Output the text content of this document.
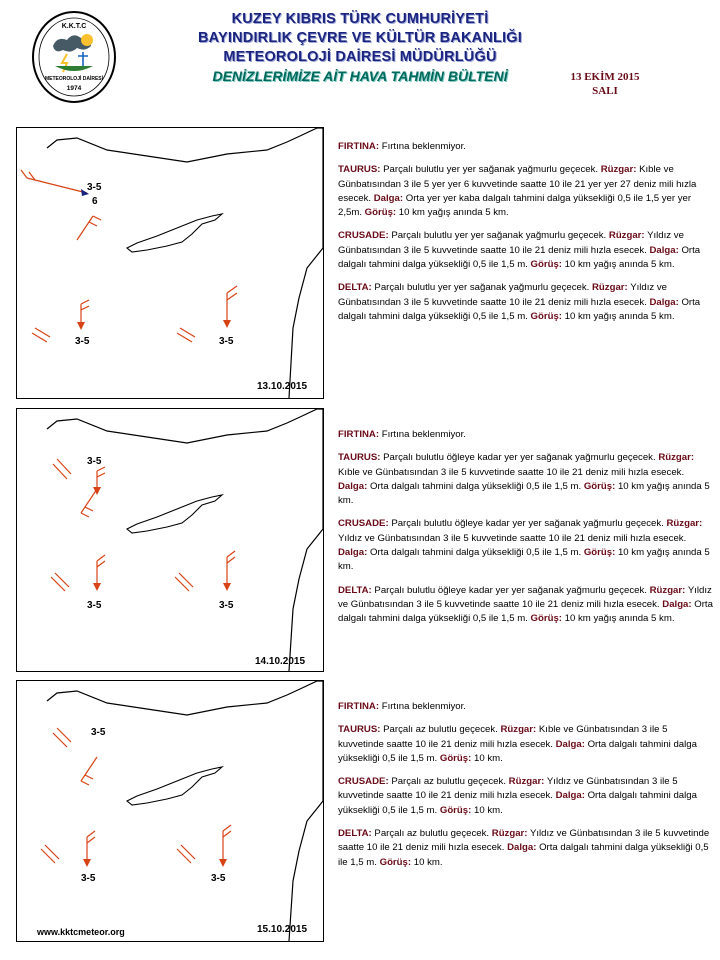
K.K.T.C
METEOROLOJİ DAİRESİ
1974
KUZEY KIBRIS TÜRK CUMHURİYETİ
BAYINDIRLIK ÇEVRE VE KÜLTÜR BAKANLIĞI
METEOROLOJİ DAİRESİ MÜDÜRLÜĞÜ
DENİZLERİMİZE AİT HAVA TAHMİN BÜLTENİ	13 EKİM 2015
SALI
3-5
6
3-5	3-5
13.10.2015

FIRTINA: Fırtına beklenmiyor.

TAURUS: Parçalı bulutlu yer yer sağanak yağmurlu geçecek. Rüzgar: Kıble ve Günbatısından 3 ile 5 yer yer 6 kuvvetinde saatte 10 ile 21 yer yer 27 deniz mili hızla esecek. Dalga: Orta yer yer kaba dalgalı tahmini dalga yüksekliği 0,5 ile 1,5 yer yer 2,5m. Görüş: 10 km yağış anında 5 km.

CRUSADE: Parçalı bulutlu yer yer sağanak yağmurlu geçecek. Rüzgar: Yıldız ve Günbatısından 3 ile 5 kuvvetinde saatte 10 ile 21 deniz mili hızla esecek. Dalga: Orta dalgalı tahmini dalga yüksekliği 0,5 ile 1,5 m. Görüş: 10 km yağış anında 5 km.

DELTA: Parçalı bulutlu yer yer sağanak yağmurlu geçecek. Rüzgar: Yıldız ve Günbatısından 3 ile 5 kuvvetinde saatte 10 ile 21 deniz mili hızla esecek. Dalga: Orta dalgalı tahmini dalga yüksekliği 0,5 ile 1,5 m. Görüş: 10 km yağış anında 5 km.

3-5
3-5	3-5
14.10.2015

FIRTINA: Fırtına beklenmiyor.

TAURUS: Parçalı bulutlu öğleye kadar yer yer sağanak yağmurlu geçecek. Rüzgar: Kıble ve Günbatısından 3 ile 5 kuvvetinde saatte 10 ile 21 deniz mili hızla esecek. Dalga: Orta dalgalı tahmini dalga yüksekliği 0,5 ile 1,5 m. Görüş: 10 km yağış anında 5 km.

CRUSADE: Parçalı bulutlu öğleye kadar yer yer sağanak yağmurlu geçecek. Rüzgar: Yıldız ve Günbatısından 3 ile 5 kuvvetinde saatte 10 ile 21 deniz mili hızla esecek. Dalga: Orta dalgalı tahmini dalga yüksekliği 0,5 ile 1,5 m. Görüş: 10 km yağış anında 5 km.

DELTA: Parçalı bulutlu öğleye kadar yer yer sağanak yağmurlu geçecek. Rüzgar: Yıldız ve Günbatısından 3 ile 5 kuvvetinde saatte 10 ile 21 deniz mili hızla esecek. Dalga: Orta dalgalı tahmini dalga yüksekliği 0,5 ile 1,5 m. Görüş: 10 km yağış anında 5 km.

3-5
3-5	3-5
15.10.2015
www.kktcmeteor.org

FIRTINA: Fırtına beklenmiyor.

TAURUS: Parçalı az bulutlu geçecek. Rüzgar: Kıble ve Günbatısından 3 ile 5 kuvvetinde saatte 10 ile 21 deniz mili hızla esecek. Dalga: Orta dalgalı tahmini dalga yüksekliği 0,5 ile 1,5 m. Görüş: 10 km.

CRUSADE: Parçalı az bulutlu geçecek. Rüzgar: Yıldız ve Günbatısından 3 ile 5 kuvvetinde saatte 10 ile 21 deniz mili hızla esecek. Dalga: Orta dalgalı tahmini dalga yüksekliği 0,5 ile 1,5 m. Görüş: 10 km.

DELTA: Parçalı az bulutlu geçecek. Rüzgar: Yıldız ve Günbatısından 3 ile 5 kuvvetinde saatte 10 ile 21 deniz mili hızla esecek. Dalga: Orta dalgalı tahmini dalga yüksekliği 0,5 ile 1,5 m. Görüş: 10 km.
